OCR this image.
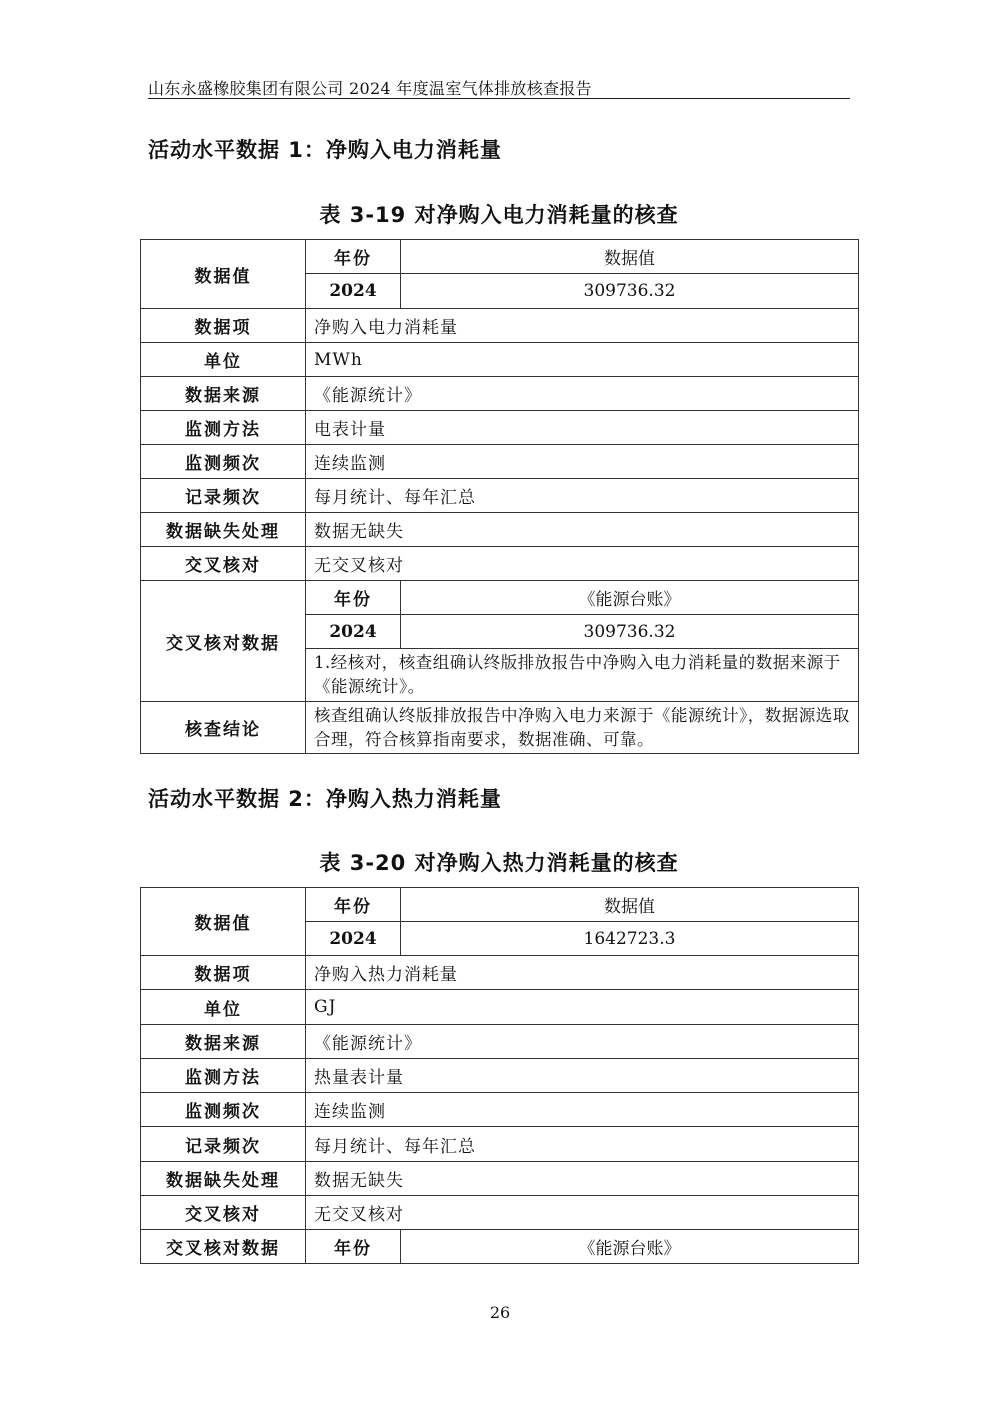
山东永盛橡胶集团有限公司 2024 年度温室气体排放核查报告
活动水平数据 1：净购入电力消耗量
表 3-19 对净购入电力消耗量的核查
数据值	年份	数据值
	2024	309736.32
数据项	净购入电力消耗量	
单位	MWh	
数据来源	《能源统计》	
监测方法	电表计量	
监测频次	连续监测	
记录频次	每月统计、每年汇总	
数据缺失处理	数据无缺失	
交叉核对	无交叉核对	
交叉核对数据	年份	《能源台账》
	2024	309736.32
	1.经核对，核查组确认终版排放报告中净购入电力消耗量的数据来源于《能源统计》。	
核查结论	核查组确认终版排放报告中净购入电力来源于《能源统计》，数据源选取合理，符合核算指南要求，数据准确、可靠。	
活动水平数据 2：净购入热力消耗量
表 3-20 对净购入热力消耗量的核查
数据值	年份	数据值
	2024	1642723.3
数据项	净购入热力消耗量	
单位	GJ	
数据来源	《能源统计》	
监测方法	热量表计量	
监测频次	连续监测	
记录频次	每月统计、每年汇总	
数据缺失处理	数据无缺失	
交叉核对	无交叉核对	
交叉核对数据	年份	《能源台账》
26
